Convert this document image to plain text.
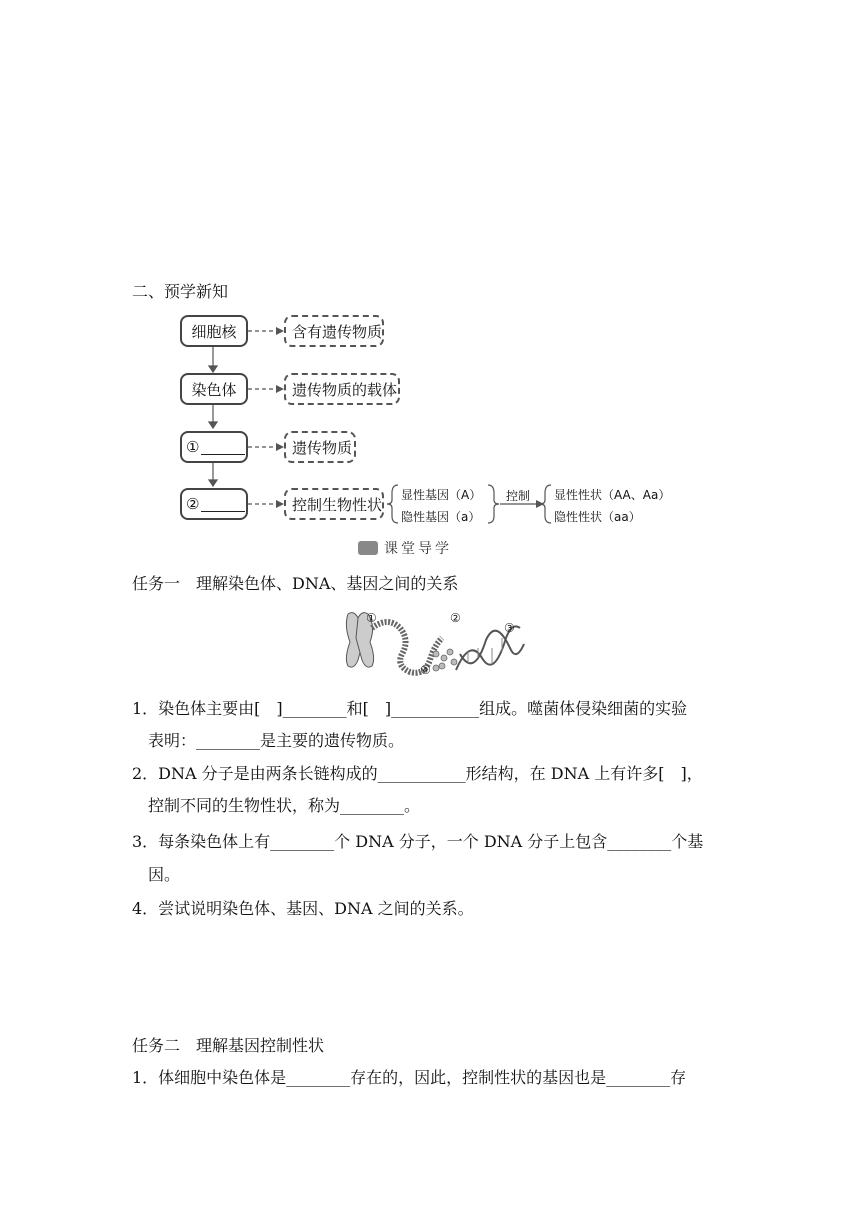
二、预学新知
细胞核
染色体
①
②
含有遗传物质
遗传物质的载体
遗传物质
控制生物性状
显性基因（A）
隐性基因（a）
控制 显性性状（AA、Aa）
隐性性状（aa）
课堂导学
任务一　理解染色体、DNA、基因之间的关系
①	②
③
④
1．染色体主要由[　]________和[　]___________组成。噬菌体侵染细菌的实验
表明：________是主要的遗传物质。
2．DNA 分子是由两条长链构成的___________形结构，在 DNA 上有许多[　]，
控制不同的生物性状，称为________。
3．每条染色体上有________个 DNA 分子，一个 DNA 分子上包含________个基
因。
4．尝试说明染色体、基因、DNA 之间的关系。
任务二　理解基因控制性状
1．体细胞中染色体是________存在的，因此，控制性状的基因也是________存
